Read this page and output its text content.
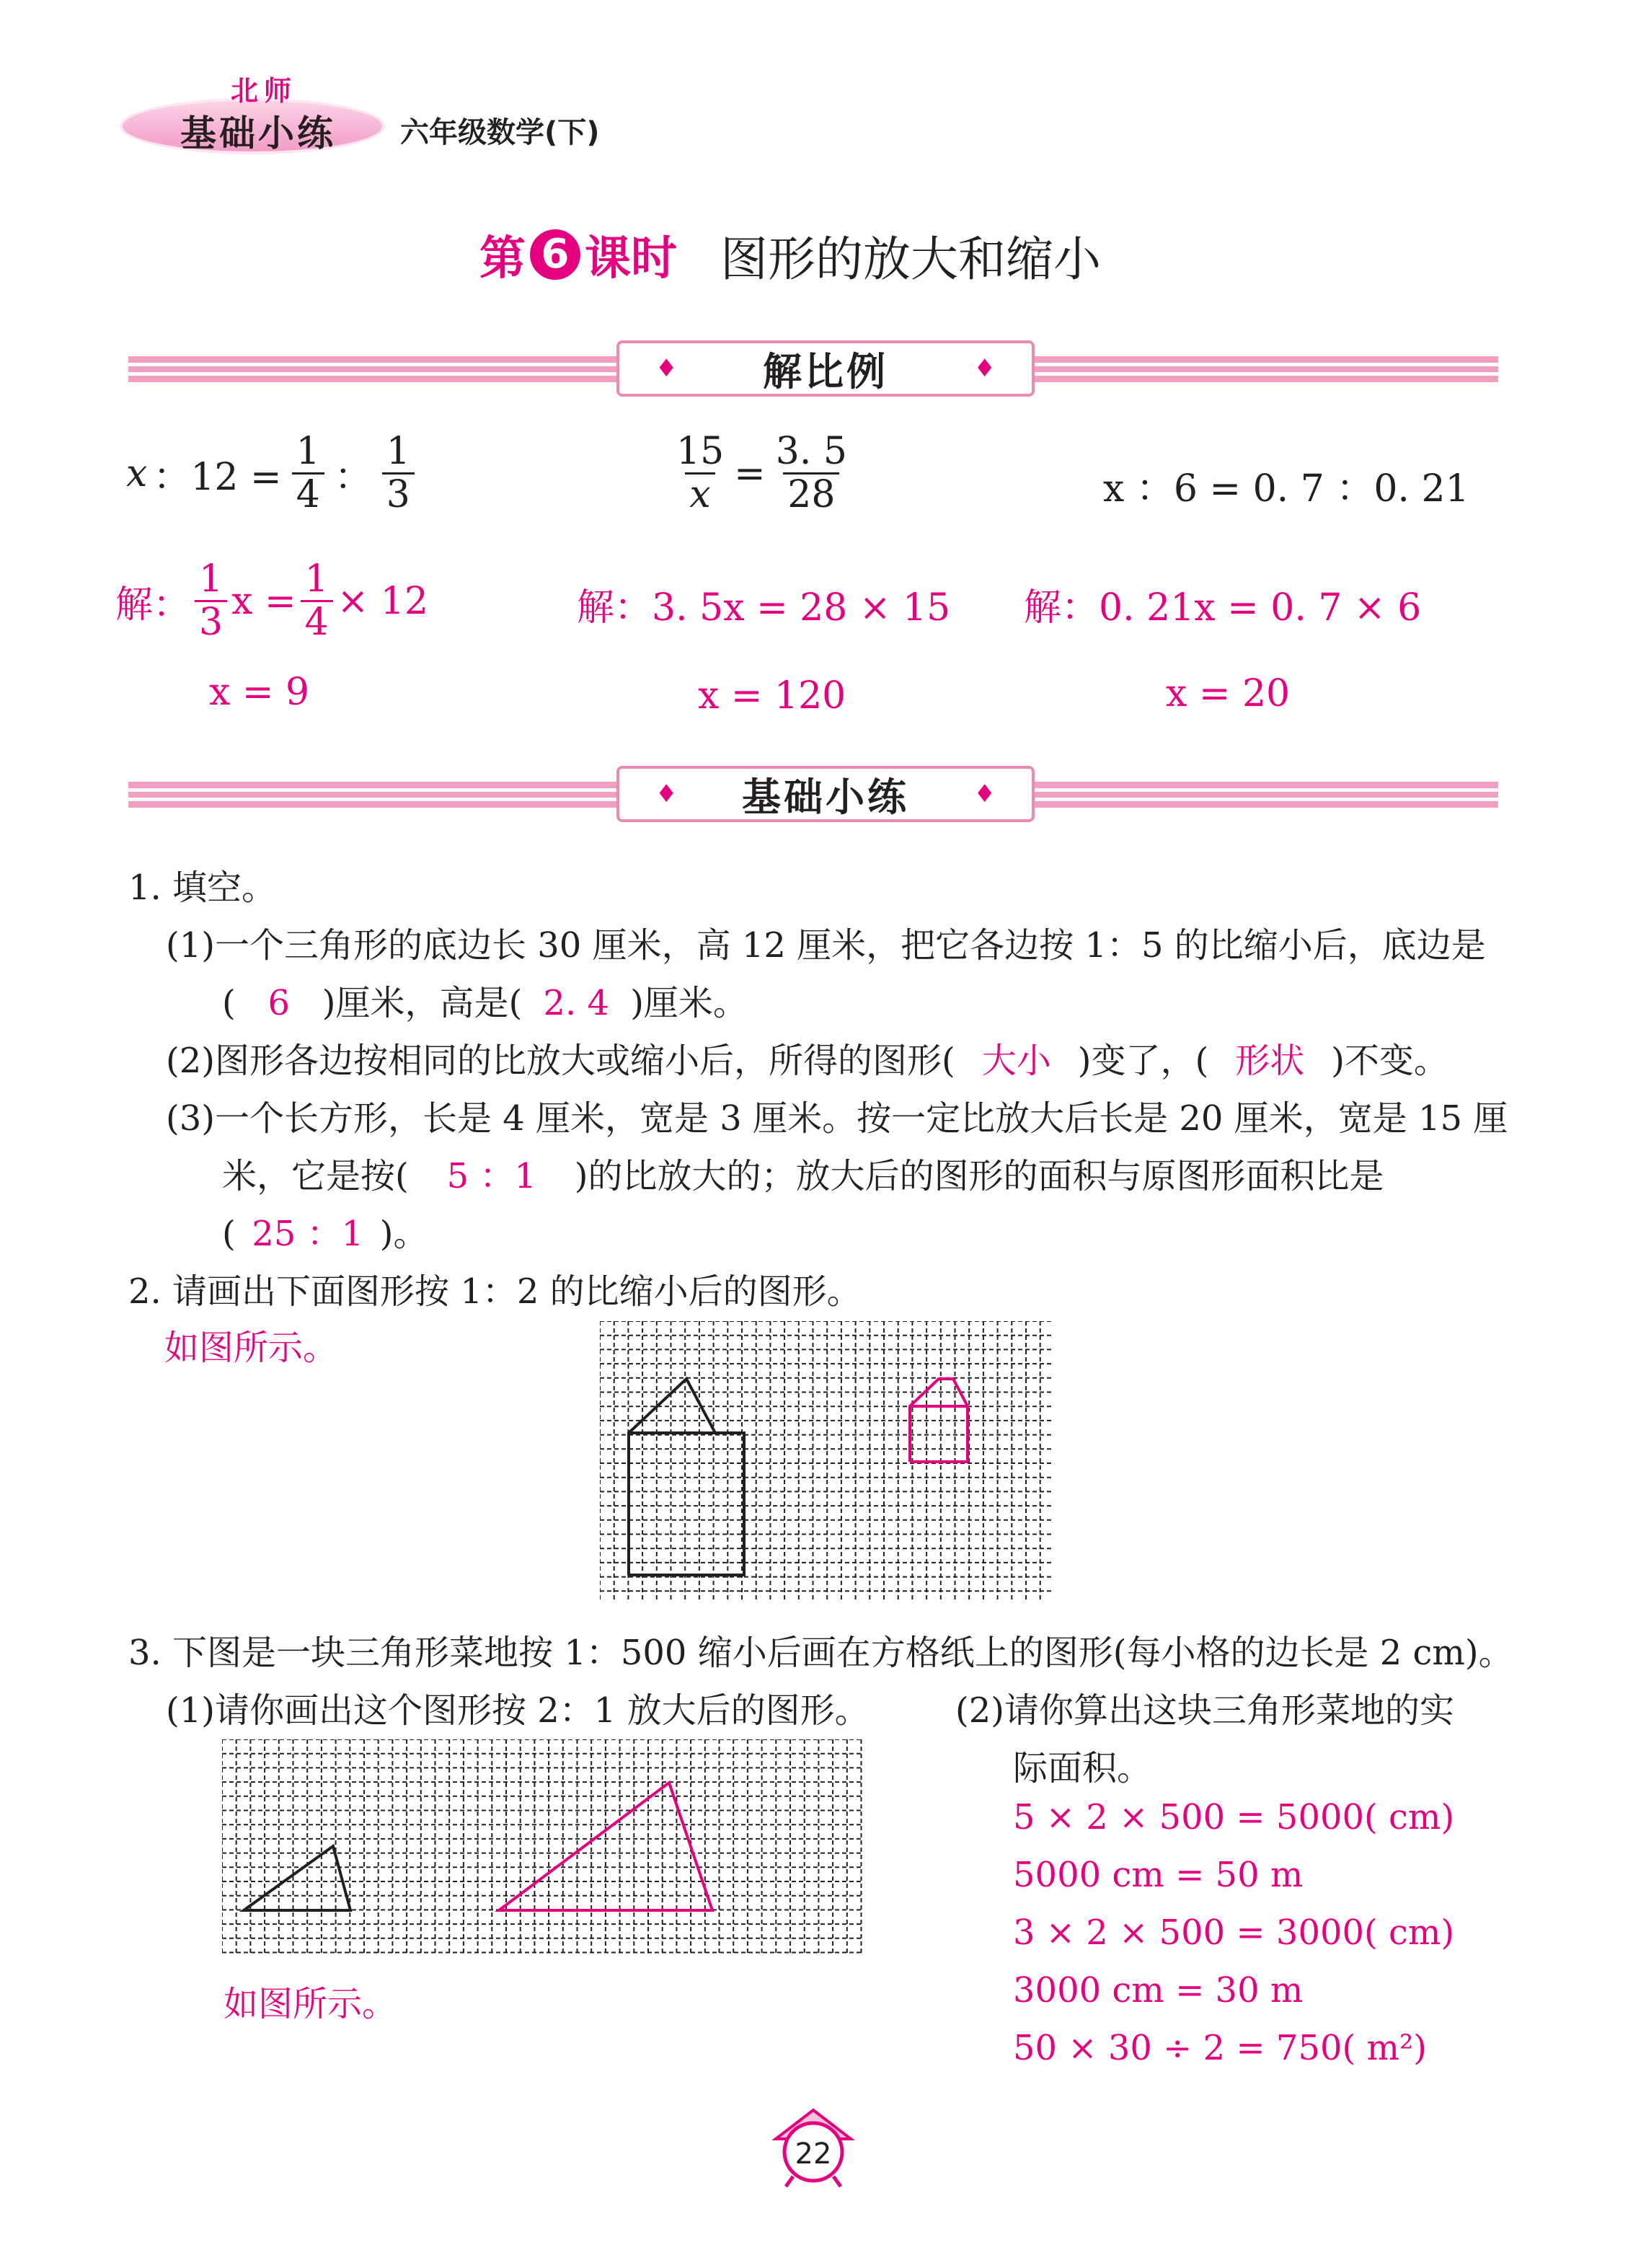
北师
基础小练 六年级数学(下)
第 6 课时 图形的放大和缩小
♦ 解比例	♦
x ：$12 = \frac{1}{4}$ ： $\frac{1}{3}$	$\frac{15}{x} = \frac{3. 5}{28}$	x ：6 = 0. 7 ：0. 21
解： $\frac{1}{3}$ $x = \frac{1}{4} \times 12$
x = 9
解：3. 5x = 28 × 15
x = 120
解：0. 21x = 0. 7 × 6
x = 20
♦ 基础小练	♦
1. 填空。
(1)一个三角形的底边长 30 厘米，高 12 厘米，把它各边按 1：5 的比缩小后，底边是
( 6 )厘米，高是( 2. 4 )厘米。
(2)图形各边按相同的比放大或缩小后，所得的图形( 大小 )变了，( 形状 )不变。
(3)一个长方形，长是 4 厘米，宽是 3 厘米。按一定比放大后长是 20 厘米，宽是 15 厘
米，它是按( 5 ：1 )的比放大的；放大后的图形的面积与原图形面积比是
( 25 ：1 )。
2. 请画出下面图形按 1：2 的比缩小后的图形。
如图所示。
3. 下图是一块三角形菜地按 1：500 缩小后画在方格纸上的图形(每小格的边长是 2 cm)。
(1)请你画出这个图形按 2：1 放大后的图形。 (2)请你算出这块三角形菜地的实
际面积。
如图所示。
5 × 2 × 500 = 5000( cm)
5000 cm = 50 m
3 × 2 × 500 = 3000( cm)
3000 cm = 30 m
50 × 30 ÷ 2 = 750( m²)
22
